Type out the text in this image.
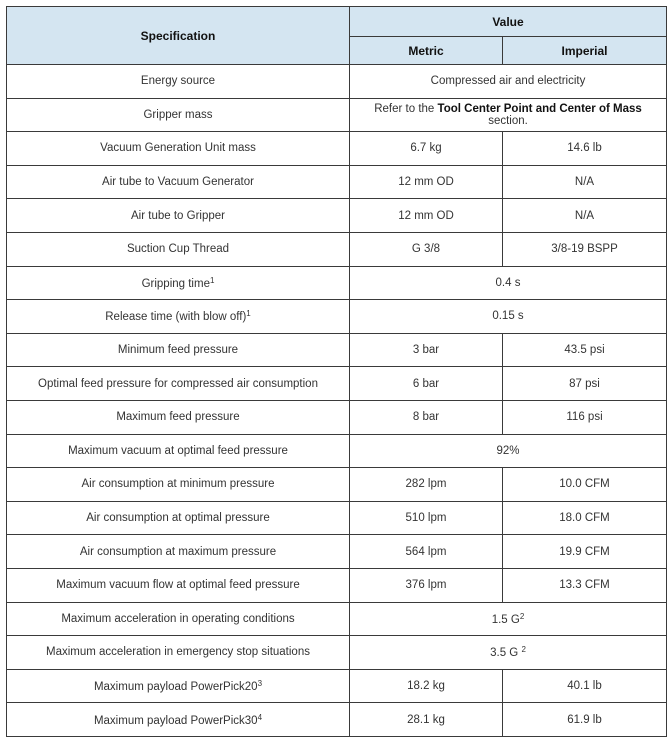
Specification	Value	
	Metric	Imperial
Energy source	Compressed air and electricity	
Gripper mass	Refer to the Tool Center Point and Center of Mass section.	
Vacuum Generation Unit mass	6.7 kg	14.6 lb
Air tube to Vacuum Generator	12 mm OD	N/A
Air tube to Gripper	12 mm OD	N/A
Suction Cup Thread	G 3/8	3/8-19 BSPP
Gripping time$^1$	0.4 s	
Release time (with blow off)$^1$	0.15 s	
Minimum feed pressure	3 bar	43.5 psi
Optimal feed pressure for compressed air consumption	6 bar	87 psi
Maximum feed pressure	8 bar	116 psi
Maximum vacuum at optimal feed pressure	92%	
Air consumption at minimum pressure	282 lpm	10.0 CFM
Air consumption at optimal pressure	510 lpm	18.0 CFM
Air consumption at maximum pressure	564 lpm	19.9 CFM
Maximum vacuum flow at optimal feed pressure	376 lpm	13.3 CFM
Maximum acceleration in operating conditions	1.5 $G^2$
Maximum acceleration in emergency stop situations	3.5 G $^2$
Maximum payload $PowerPick20^3$	18.2 kg	40.1 lb
Maximum payload $PowerPick30^4$	28.1 kg	61.9 lb
